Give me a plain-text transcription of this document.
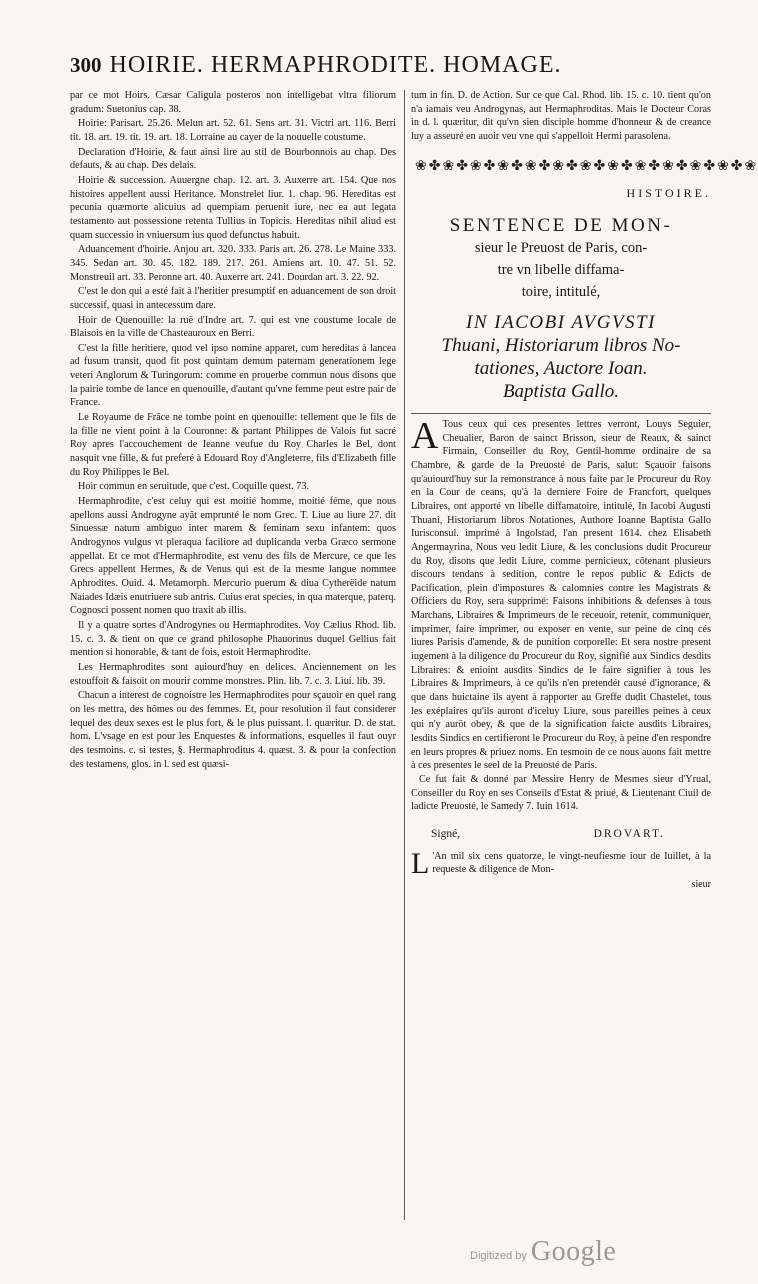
300 HOIRIE. HERMAPHRODITE. HOMAGE.

par ce mot Hoirs. Cæsar Caligula posteros non intelligebat vltra filiorum gradum: Suetonius cap. 38.

Hoirie: Parisart. 25.26. Melun art. 52. 61. Sens art. 31. Victri art. 116. Berri tit. 18. art. 19. tit. 19. art. 18. Lorraine au cayer de la nouuelle coustume.

Declaration d'Hoirie, & faut ainsi lire au stil de Bourbonnois au chap. Des defauts, & au chap. Des delais.

Hoirie & succession. Auuergne chap. 12. art. 3. Auxerre art. 154. Que nos histoires appellent aussi Heritance. Monstrelet liur. 1. chap. 96. Hereditas est pecunia quæmorte alicuius ad quempiam peruenit iure, nec ea aut legata testamento aut possessione retenta Tullius in Topicis. Hereditas nihil aliud est quam successio in vniuersum ius quod defunctus habuit.

Aduancement d'hoirie. Anjou art. 320. 333. Paris art. 26. 278. Le Maine 333. 345. Sedan art. 30. 45. 182. 189. 217. 261. Amiens art. 10. 47. 51. 52. Monstreuil art. 33. Peronne art. 40. Auxerre art. 241. Dourdan art. 3. 22. 92.

C'est le don qui a esté fait à l'heritier presumptif en aduancement de son droit successif, quasi in antecessum dare.

Hoir de Quenouille: la ruë d'Indre art. 7. qui est vne coustume locale de Blaisois en la ville de Chasteauroux en Berri.

C'est la fille heritiere, quod vel ipso nomine apparet, cum hereditas à lancea ad fusum transit, quod fit post quintam demum paternam generationem lege veteri Anglorum & Turingorum: comme en prouerbe commun nous disons que la pairie tombe de lance en quenouille, d'autant qu'vne femme peut estre pair de France.

Le Royaume de Frãce ne tombe point en quenouille: tellement que le fils de la fille ne vient point à la Couronne: & partant Philippes de Valois fut sacré Roy apres l'accouchement de Ieanne veufue du Roy Charles le Bel, dont nasquit vne fille, & fut preferé à Edouard Roy d'Angleterre, fils d'Elizabeth fille du Roy Philippes le Bel.

Hoir commun en seruitude, que c'est. Coquille quest. 73.

Hermaphrodite, c'est celuy qui est moitié homme, moitié féme, que nous apellons aussi Androgyne ayãt emprunté le nom Grec. T. Liue au liure 27. dit Sinuessæ natum ambiguo inter marem & feminam sexu infantem: quos Androgynos vulgus vt pleraqua faciliore ad duplicanda verba Græco sermone appellat. Et ce mot d'Hermaphrodite, est venu des fils de Mercure, ce que les Grecs appellent Hermes, & de Venus qui est de la mesme langue nommee Aphrodites. Ouid. 4. Metamorph. Mercurio puerum & diua Cytherëide natum Naiades Idæis enutriuere sub antris. Cuius erat species, in qua materque, paterq. Cognosci possent nomen quo traxit ab illis.

Il y a quatre sortes d'Androgynes ou Hermaphrodites. Voy Cælius Rhod. lib. 15. c. 3. & tient on que ce grand philosophe Phauorinus duquel Gellius fait mention si honorable, & tant de fois, estoit Hermaphrodite.

Les Hermaphrodites sont auiourd'huy en delices. Anciennement on les estouffoit & faisoit on mourir comme monstres. Plin. lib. 7. c. 3. Liui. lib. 39.

Chacun a interest de cognoistre les Hermaphrodites pour sçauoir en quel rang on les mettra, des hõmes ou des femmes. Et, pour resolution il faut considerer lequel des deux sexes est le plus fort, & le plus puissant. l. quæritur. D. de stat. hom. L'vsage en est pour les Enquestes & informations, esquelles il faut ouyr des tesmoins. c. si testes, §. Hermaphroditus 4. quæst. 3. & pour la confection des testamens, glos. in l. sed est quæsi-

tum in fin. D. de Action. Sur ce que Cal. Rhod. lib. 15. c. 10. tient qu'on n'a iamais veu Androgynas, aut Hermaphroditas. Mais le Docteur Coras in d. l. quæritur, dit qu'vn sien disciple homme d'honneur & de creance luy a asseuré en auoir veu vne qui s'appelloit Hermi parasolena.

❀✤❀✤❀✤❀✤❀✤❀✤❀✤❀✤❀✤❀✤❀✤❀✤❀
HISTOIRE.
SENTENCE DE MON-
sieur le Preuost de Paris, con-
tre vn libelle diffama-
toire, intitulé,
IN IACOBI AVGVSTI
Thuani, Historiarum libros No-
tationes, Auctore Ioan.
Baptista Gallo.

A Tous ceux qui ces presentes lettres verront, Louys Seguier, Cheualier, Baron de sainct Brisson, sieur de Reaux, & sainct Firmain, Conseiller du Roy, Gentil-homme ordinaire de sa Chambre, & garde de la Preuosté de Paris, salut: Sçauoir faisons qu'auiourd'huy sur la remonstrance à nous faite par le Procureur du Roy en la Cour de ceans, qu'à la derniere Foire de Francfort, quelques Libraires, ont apporté vn libelle diffamatoire, intitulé, In Iacobi Augusti Thuani, Historiarum libros Notationes, Authore Ioanne Baptista Gallo Iurisconsul. imprimé à Ingolstad, l'an present 1614. chez Elisabeth Angermayrina, Nous veu ledit Liure, & les conclusions dudit Procureur du Roy, disons que ledit Liure, comme pernicieux, cõtenant plusieurs discours tendans à sedition, contre le repos public & Edicts de Pacification, plein d'impostures & calomnies contre les Magistrats & Officiers du Roy, sera supprimé: Faisons inhibitions & defenses à tous Marchans, Libraires & Imprimeurs de le receuoir, retenir, communiquer, imprimer, faire imprimer, ou exposer en vente, sur peine de cinq cés liures Parisis d'amende, & de punition corporelle: Et sera nostre present iugement à la diligence du Procureur du Roy, signifié aux Sindics desdits Libraires: & enioint ausdits Sindics de le faire signifier à tous les Libraires & Imprimeurs, à ce qu'ils n'en pretendét causé d'ignorance, & que dans huictaine ils ayent à rapporter au Greffe dudit Chastelet, tous les exéplaires qu'ils auront d'iceluy Liure, sous pareilles peines à ceux qui n'y auröt obey, & que de la signification faicte ausdits Libraires, lesdits Sindics en certifieront le Procureur du Roy, à peine d'en respondre en leurs propres & priuez noms. En tesmoin de ce nous auons fait mettre à ces presentes le seel de la Preuosté de Paris.

Ce fut fait & donné par Messire Henry de Mesmes sieur d'Yrual, Conseiller du Roy en ses Conseils d'Estat & priué, & Lieutenant Ciuil de ladicte Preuosté, le Samedy 7. Iuin 1614.

Signé,	DROVART.

L 'An mil six cens quatorze, le vingt-neufiesme iour de Iuillet, à la requeste & diligence de Mon-

sieur
Digitized by Google
